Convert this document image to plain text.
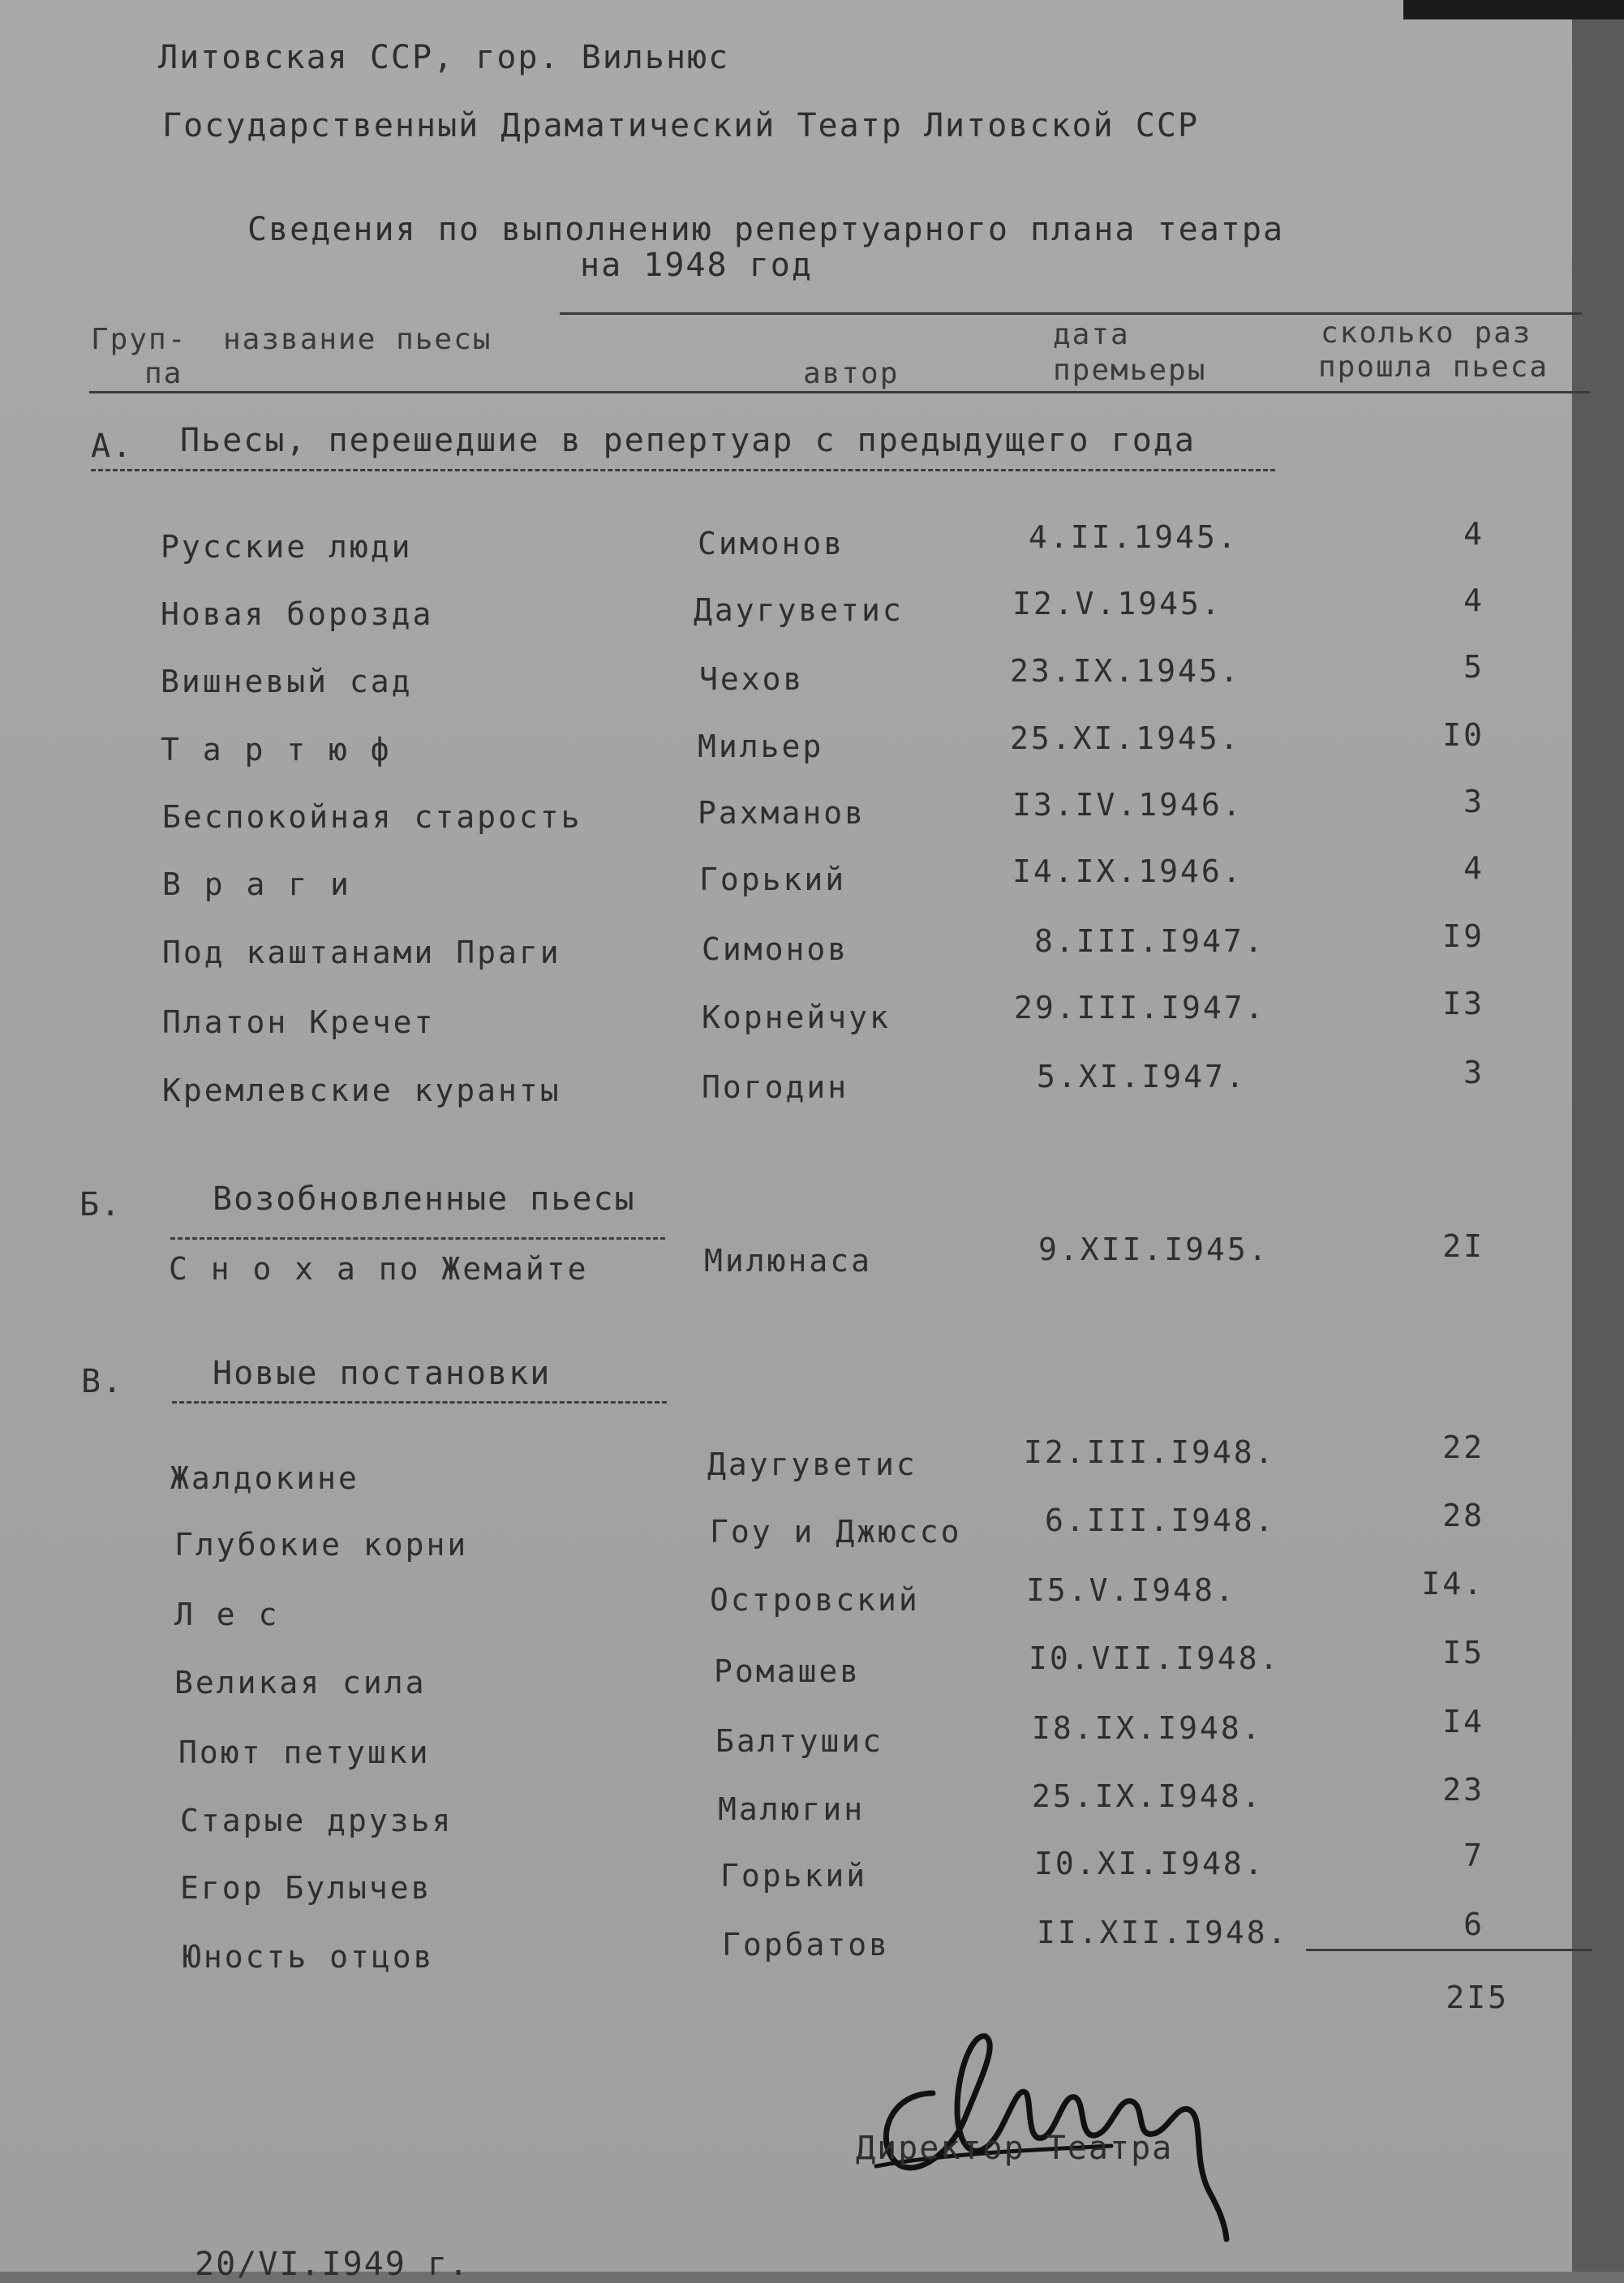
Литовская ССР, гор. Вильнюс
Государственный Драматический Театр Литовской ССР
Сведения по выполнению репертуарного плана театра
на 1948 год
Груп-
па
название пьесы
автор
дата
премьеры
сколько раз
прошла пьеса
А. Пьесы, перешедшие в репертуар с предыдущего года
Русские люди	Симонов	4.II.1945.	4
Новая борозда	Даугуветис	I2.V.1945.	4
Вишневый сад	Чехов	23.IX.1945.	5
Т а р т ю ф	Мильер	25.XI.1945.	I0
Беспокойная старость	Рахманов	I3.IV.1946.	3
В р а г и	Горький	I4.IX.1946.	4
Под каштанами Праги	Симонов	8.III.I947.	I9
Платон Кречет	Корнейчук	29.III.I947.	I3
Кремлевские куранты	Погодин	5.XI.I947.	3
Б.	Возобновленные пьесы
С н о х а по Жемайте	Милюнаса	9.XII.I945.	2I
В.	Новые постановки
Жалдокине	Даугуветис	I2.III.I948.	22
Глубокие корни	Гоу и Джюссо	6.III.I948.	28
Л е с	Островский	I5.V.I948.	I4.
Великая сила	Ромашев	I0.VII.I948.	I5
Поют петушки	Балтушис	I8.IX.I948.	I4
Старые друзья	Малюгин	25.IX.I948.	23
Егор Булычев	Горький	I0.XI.I948.	7
Юность отцов	Горбатов	II.XII.I948.	6
2I5
Директор Театра
20/VI.I949 г.
